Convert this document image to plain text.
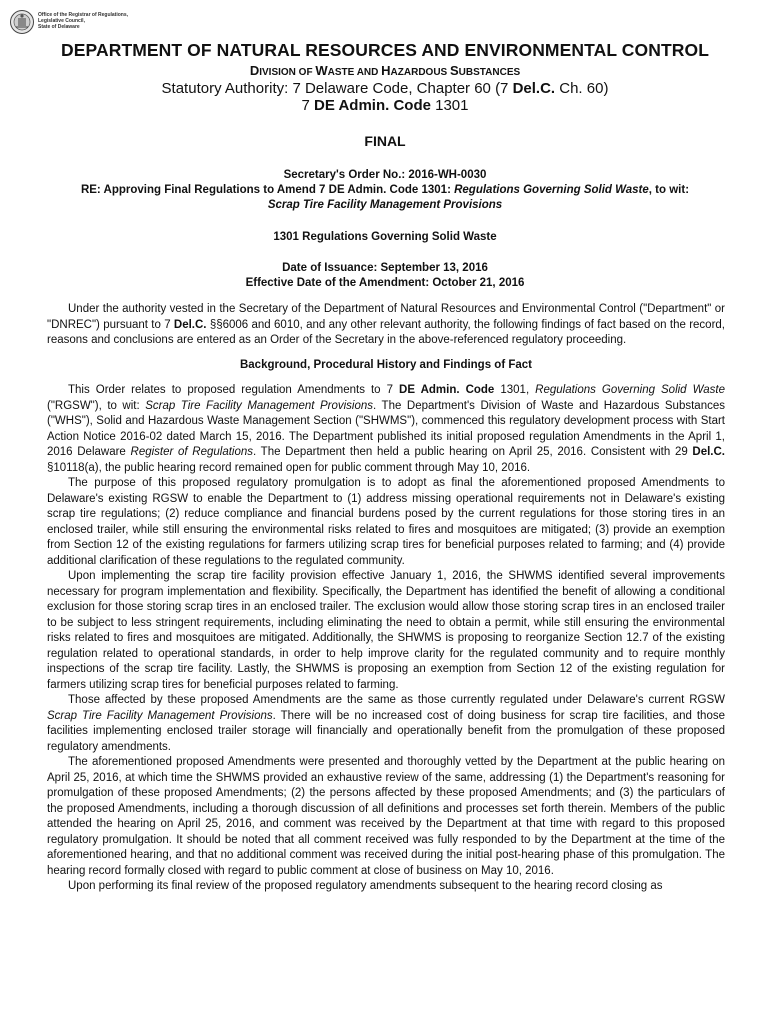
Office of the Registrar of Regulations,
Legislative Council,
State of Delaware
DEPARTMENT OF NATURAL RESOURCES AND ENVIRONMENTAL CONTROL
DIVISION OF WASTE AND HAZARDOUS SUBSTANCES
Statutory Authority: 7 Delaware Code, Chapter 60 (7 Del.C. Ch. 60)
7 DE Admin. Code 1301
FINAL
Secretary's Order No.: 2016-WH-0030
RE: Approving Final Regulations to Amend 7 DE Admin. Code 1301: Regulations Governing Solid Waste, to wit:
Scrap Tire Facility Management Provisions
1301 Regulations Governing Solid Waste
Date of Issuance: September 13, 2016
Effective Date of the Amendment: October 21, 2016

Under the authority vested in the Secretary of the Department of Natural Resources and Environmental Control ("Department" or "DNREC") pursuant to 7 Del.C. §§6006 and 6010, and any other relevant authority, the following findings of fact based on the record, reasons and conclusions are entered as an Order of the Secretary in the above-referenced regulatory proceeding.

Background, Procedural History and Findings of Fact

This Order relates to proposed regulation Amendments to 7 DE Admin. Code 1301, Regulations Governing Solid Waste ("RGSW"), to wit: Scrap Tire Facility Management Provisions. The Department's Division of Waste and Hazardous Substances ("WHS"), Solid and Hazardous Waste Management Section ("SHWMS"), commenced this regulatory development process with Start Action Notice 2016-02 dated March 15, 2016. The Department published its initial proposed regulation Amendments in the April 1, 2016 Delaware Register of Regulations. The Department then held a public hearing on April 25, 2016. Consistent with 29 Del.C. §10118(a), the public hearing record remained open for public comment through May 10, 2016.

The purpose of this proposed regulatory promulgation is to adopt as final the aforementioned proposed Amendments to Delaware's existing RGSW to enable the Department to (1) address missing operational requirements not in Delaware's existing scrap tire regulations; (2) reduce compliance and financial burdens posed by the current regulations for those storing tires in an enclosed trailer, while still ensuring the environmental risks related to fires and mosquitoes are mitigated; (3) provide an exemption from Section 12 of the existing regulations for farmers utilizing scrap tires for beneficial purposes related to farming; and (4) provide additional clarification of these regulations to the regulated community.

Upon implementing the scrap tire facility provision effective January 1, 2016, the SHWMS identified several improvements necessary for program implementation and flexibility. Specifically, the Department has identified the benefit of allowing a conditional exclusion for those storing scrap tires in an enclosed trailer. The exclusion would allow those storing scrap tires in an enclosed trailer to be subject to less stringent requirements, including eliminating the need to obtain a permit, while still ensuring the environmental risks related to fires and mosquitoes are mitigated. Additionally, the SHWMS is proposing to reorganize Section 12.7 of the existing regulation related to operational standards, in order to help improve clarity for the regulated community and to require monthly inspections of the scrap tire facility. Lastly, the SHWMS is proposing an exemption from Section 12 of the existing regulation for farmers utilizing scrap tires for beneficial purposes related to farming.

Those affected by these proposed Amendments are the same as those currently regulated under Delaware's current RGSW Scrap Tire Facility Management Provisions. There will be no increased cost of doing business for scrap tire facilities, and those facilities implementing enclosed trailer storage will financially and operationally benefit from the promulgation of these proposed regulatory amendments.

The aforementioned proposed Amendments were presented and thoroughly vetted by the Department at the public hearing on April 25, 2016, at which time the SHWMS provided an exhaustive review of the same, addressing (1) the Department's reasoning for promulgation of these proposed Amendments; (2) the persons affected by these proposed Amendments; and (3) the particulars of the proposed Amendments, including a thorough discussion of all definitions and processes set forth therein. Members of the public attended the hearing on April 25, 2016, and comment was received by the Department at that time with regard to this proposed regulatory promulgation. It should be noted that all comment received was fully responded to by the Department at the time of the aforementioned hearing, and that no additional comment was received during the initial post-hearing phase of this promulgation. The hearing record formally closed with regard to public comment at close of business on May 10, 2016.

Upon performing its final review of the proposed regulatory amendments subsequent to the hearing record closing as
